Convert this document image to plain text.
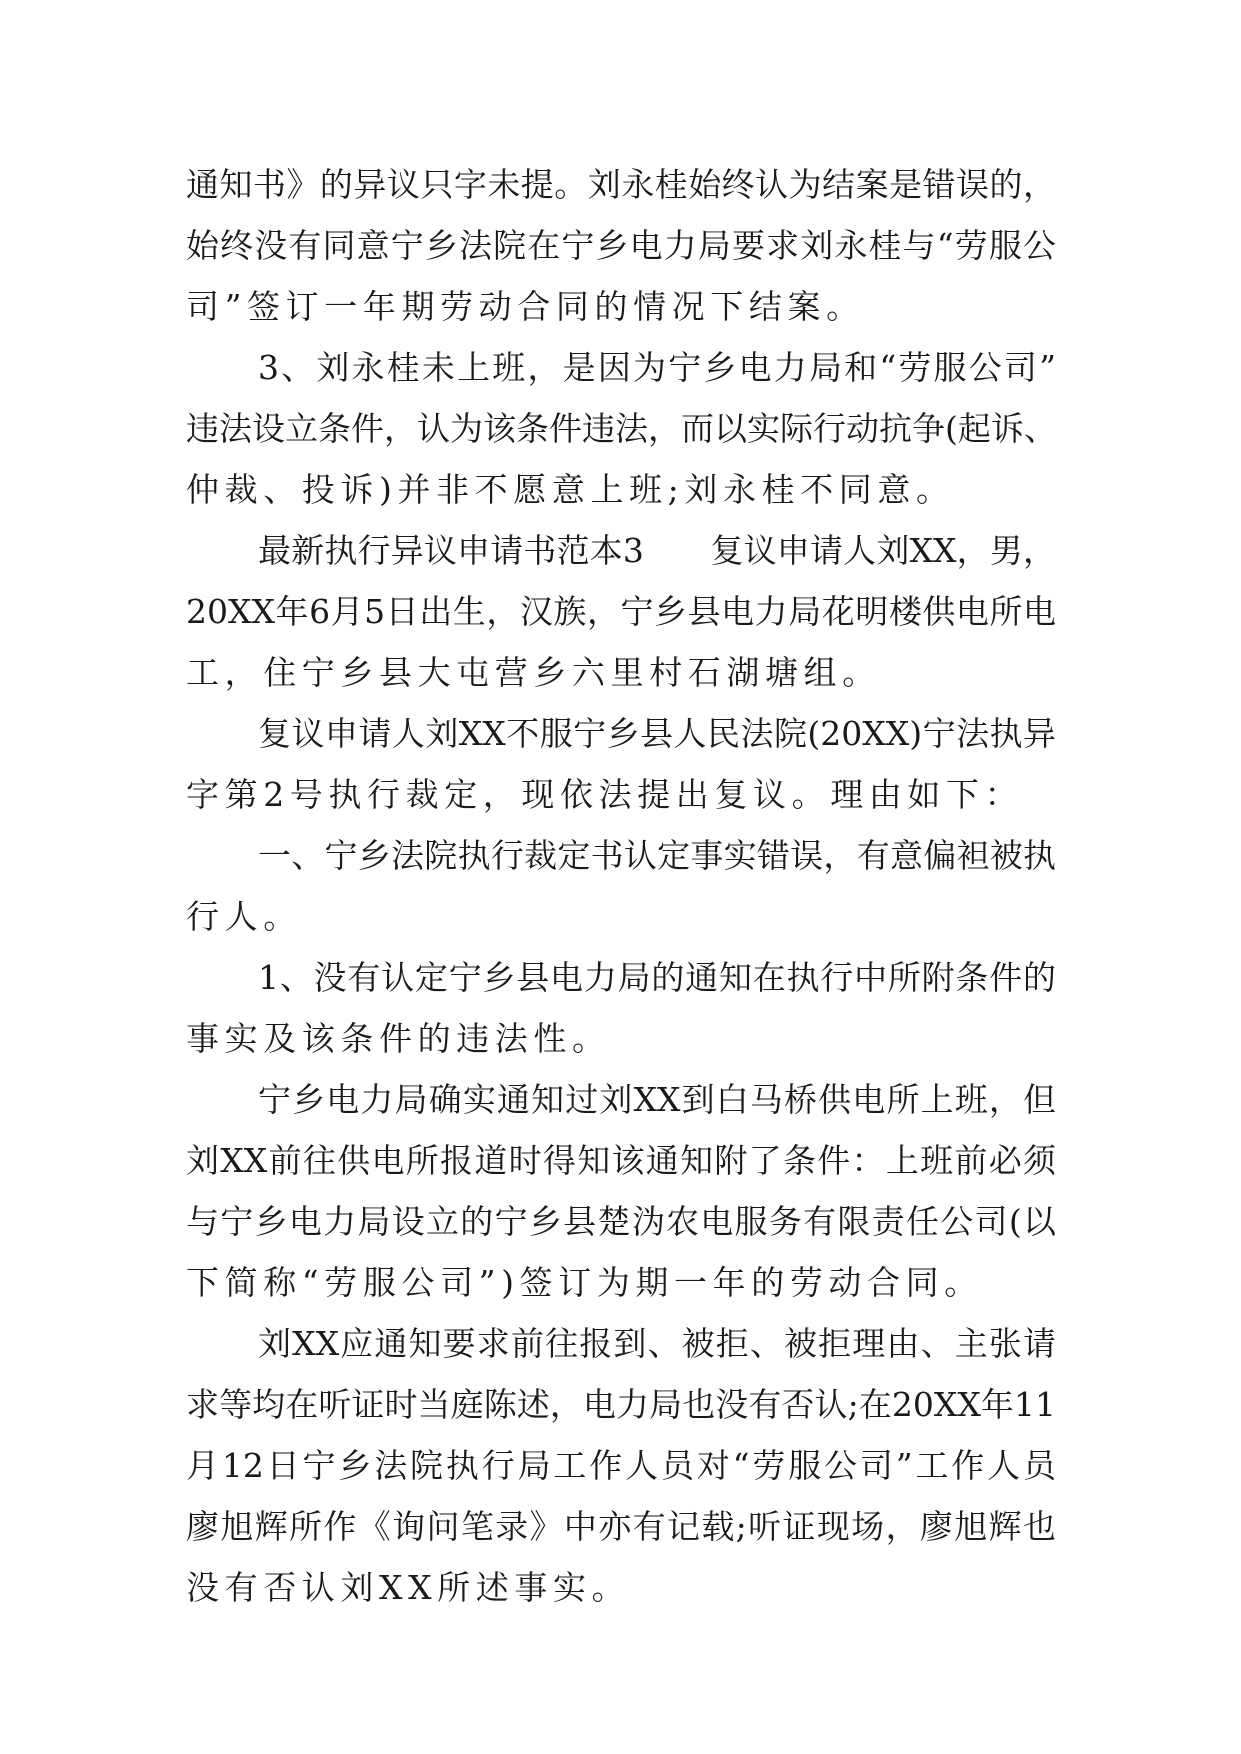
通知书》的异议只字未提。刘永桂始终认为结案是错误的，
始终没有同意宁乡法院在宁乡电力局要求刘永桂与“劳服公
司”签订一年期劳动合同的情况下结案。
3、刘永桂未上班，是因为宁乡电力局和“劳服公司”
违法设立条件，认为该条件违法，而以实际行动抗争(起诉、
仲裁、投诉)并非不愿意上班;刘永桂不同意。
最新执行异议申请书范本3　　复议申请人刘XX，男，
20XX年6月5日出生，汉族，宁乡县电力局花明楼供电所电
工，住宁乡县大屯营乡六里村石湖塘组。
复议申请人刘XX不服宁乡县人民法院(20XX)宁法执异
字第2号执行裁定，现依法提出复议。理由如下：
一、宁乡法院执行裁定书认定事实错误，有意偏袒被执
行人。
1、没有认定宁乡县电力局的通知在执行中所附条件的
事实及该条件的违法性。
宁乡电力局确实通知过刘XX到白马桥供电所上班，但
刘XX前往供电所报道时得知该通知附了条件：上班前必须
与宁乡电力局设立的宁乡县楚沩农电服务有限责任公司(以
下简称“劳服公司”)签订为期一年的劳动合同。
刘XX应通知要求前往报到、被拒、被拒理由、主张请
求等均在听证时当庭陈述，电力局也没有否认;在20XX年11
月12日宁乡法院执行局工作人员对“劳服公司”工作人员
廖旭辉所作《询问笔录》中亦有记载;听证现场，廖旭辉也
没有否认刘XX所述事实。
